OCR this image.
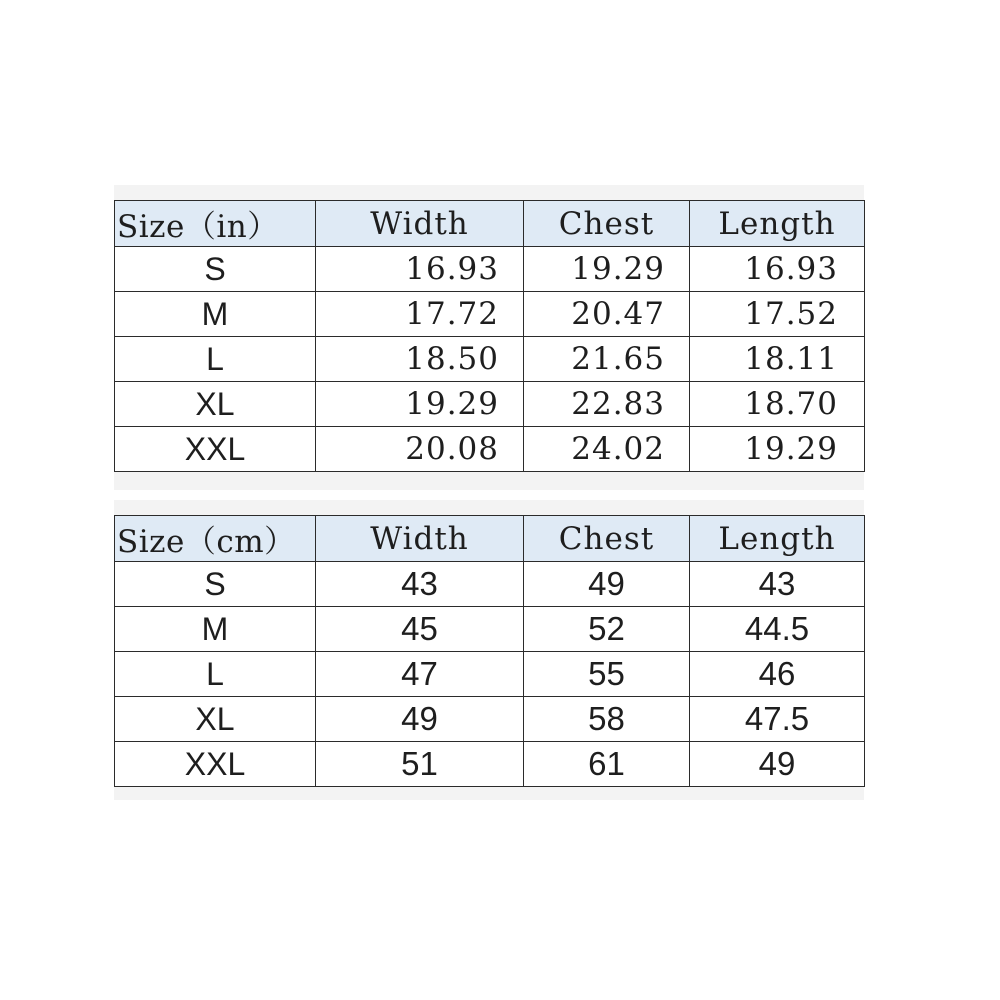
Size（in）	Width	Chest	Length
S	16.93	19.29	16.93
M	17.72	20.47	17.52
L	18.50	21.65	18.11
XL	19.29	22.83	18.70
XXL	20.08	24.02	19.29
Size（cm）	Width	Chest	Length
S	43	49	43
M	45	52	44.5
L	47	55	46
XL	49	58	47.5
XXL	51	61	49
